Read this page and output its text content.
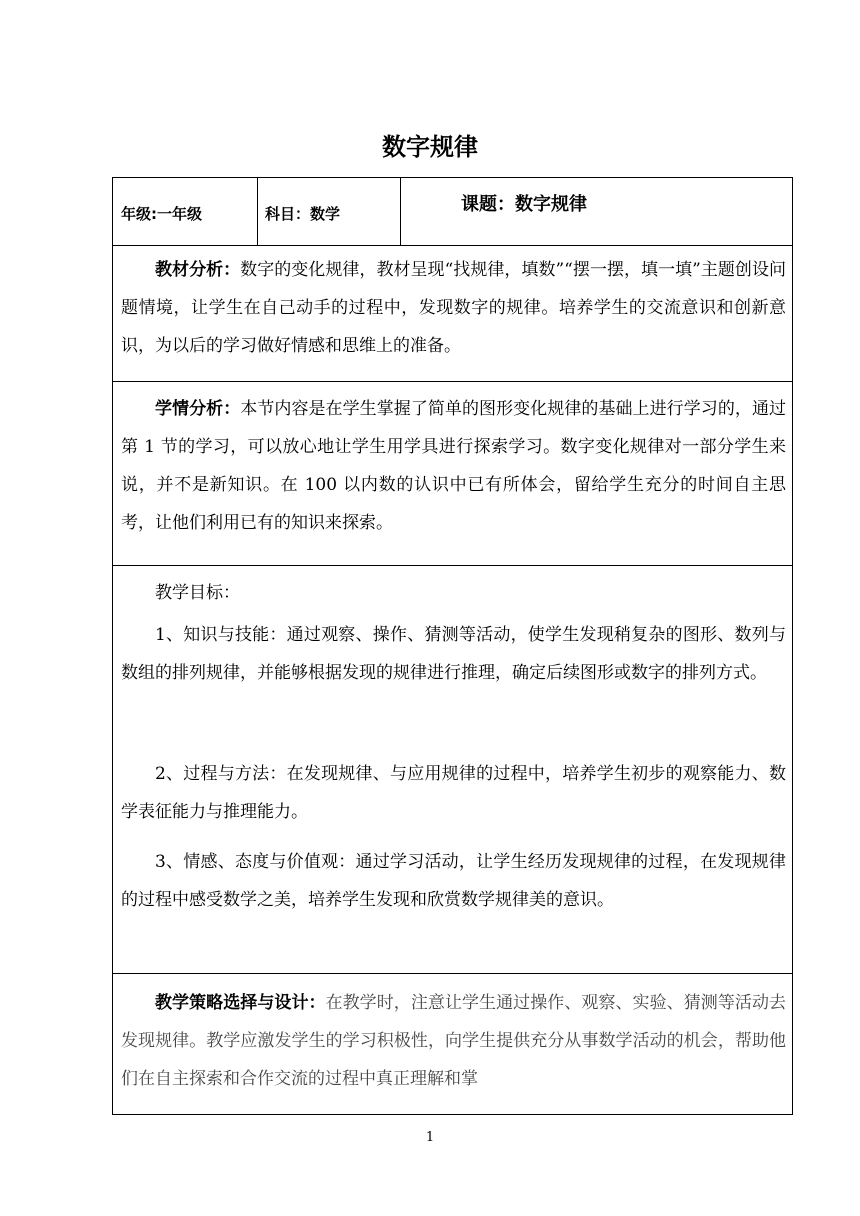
数字规律
年级:一年级	科目：数学	课题：数字规律

教材分析：数字的变化规律，教材呈现“找规律，填数”“摆一摆，填一填”主题创设问题情境，让学生在自己动手的过程中，发现数字的规律。培养学生的交流意识和创新意识，为以后的学习做好情感和思维上的准备。

学情分析：本节内容是在学生掌握了简单的图形变化规律的基础上进行学习的，通过第 1 节的学习，可以放心地让学生用学具进行探索学习。数字变化规律对一部分学生来说，并不是新知识。在 100 以内数的认识中已有所体会，留给学生充分的时间自主思考，让他们利用已有的知识来探索。

教学目标：

1、知识与技能：通过观察、操作、猜测等活动，使学生发现稍复杂的图形、数列与数组的排列规律，并能够根据发现的规律进行推理，确定后续图形或数字的排列方式。

2、过程与方法：在发现规律、与应用规律的过程中，培养学生初步的观察能力、数学表征能力与推理能力。

3、情感、态度与价值观：通过学习活动，让学生经历发现规律的过程，在发现规律的过程中感受数学之美，培养学生发现和欣赏数学规律美的意识。

教学策略选择与设计：在教学时，注意让学生通过操作、观察、实验、猜测等活动去发现规律。教学应激发学生的学习积极性，向学生提供充分从事数学活动的机会，帮助他们在自主探索和合作交流的过程中真正理解和掌

1
